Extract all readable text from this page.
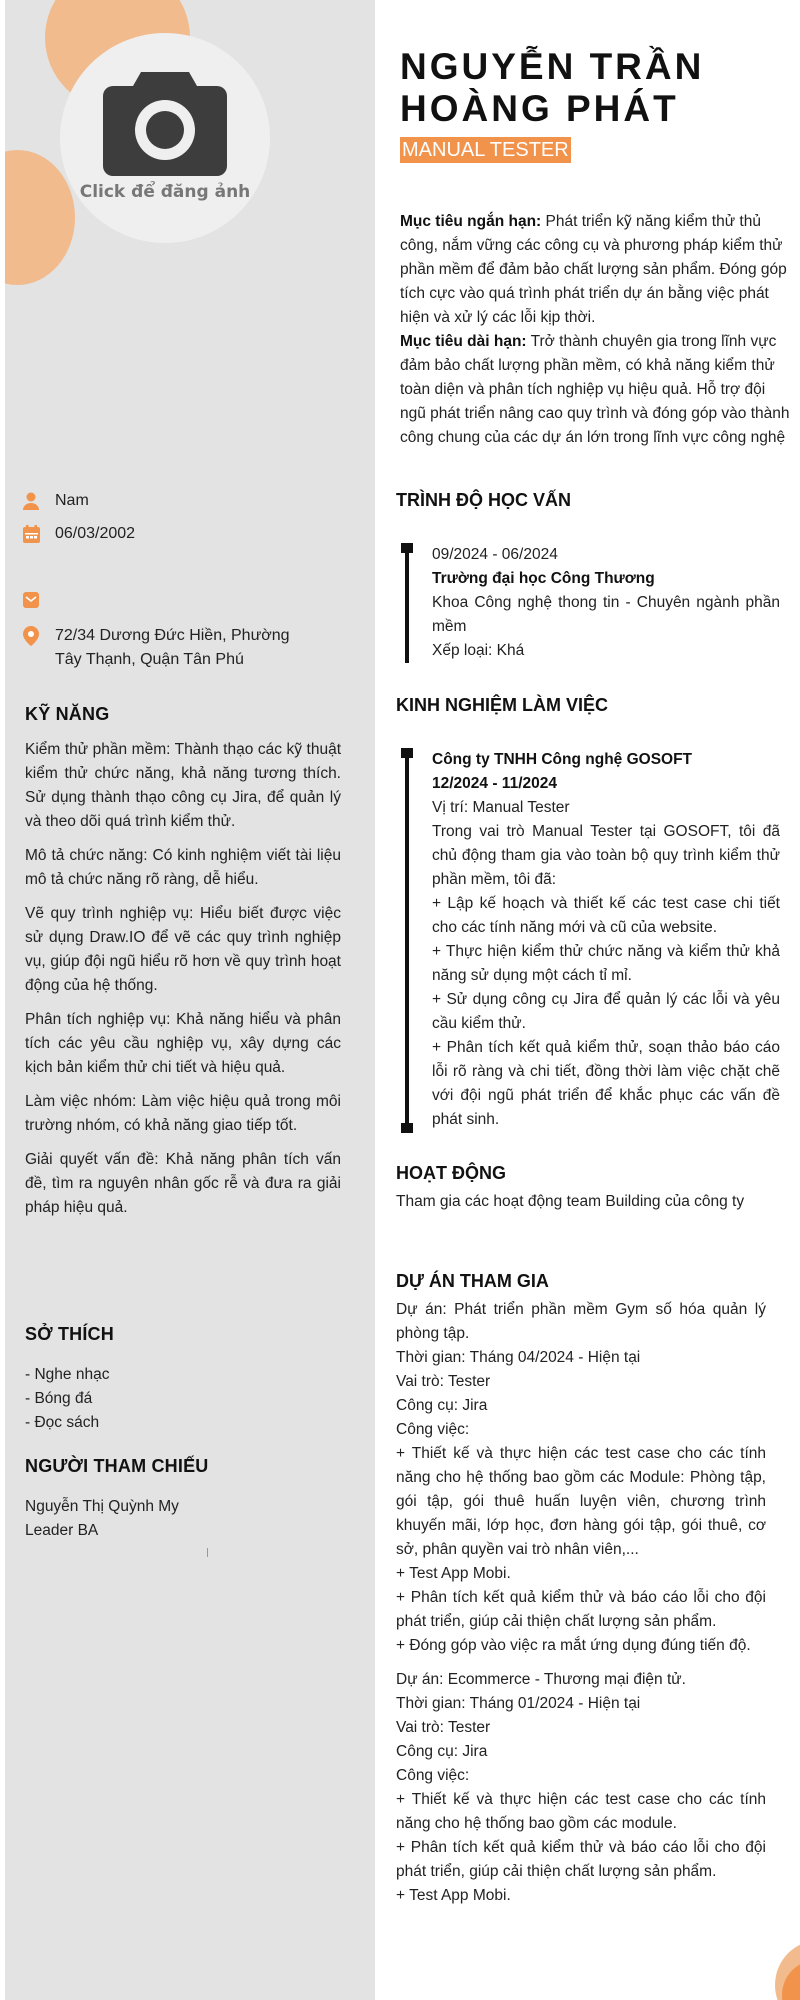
Click để đăng ảnh
Nam
06/03/2002
72/34 Dương Đức Hiền, Phường
Tây Thạnh, Quận Tân Phú
KỸ NĂNG

Kiểm thử phần mềm: Thành thạo các kỹ thuật kiểm thử chức năng, khả năng tương thích. Sử dụng thành thạo công cụ Jira, để quản lý và theo dõi quá trình kiểm thử.

Mô tả chức năng: Có kinh nghiệm viết tài liệu mô tả chức năng rõ ràng, dễ hiểu.

Vẽ quy trình nghiệp vụ: Hiểu biết được việc sử dụng Draw.IO để vẽ các quy trình nghiệp vụ, giúp đội ngũ hiểu rõ hơn về quy trình hoạt động của hệ thống.

Phân tích nghiệp vụ: Khả năng hiểu và phân tích các yêu cầu nghiệp vụ, xây dựng các kịch bản kiểm thử chi tiết và hiệu quả.

Làm việc nhóm: Làm việc hiệu quả trong môi trường nhóm, có khả năng giao tiếp tốt.

Giải quyết vấn đề: Khả năng phân tích vấn đề, tìm ra nguyên nhân gốc rễ và đưa ra giải pháp hiệu quả.

SỞ THÍCH
- Nghe nhạc
- Bóng đá
- Đọc sách
NGƯỜI THAM CHIẾU
Nguyễn Thị Quỳnh My
Leader BA
NGUYỄN TRẦN
HOÀNG PHÁT
MANUAL TESTER
Mục tiêu ngắn hạn: Phát triển kỹ năng kiểm thử thủ công, nắm vững các công cụ và phương pháp kiểm thử phần mềm để đảm bảo chất lượng sản phẩm. Đóng góp tích cực vào quá trình phát triển dự án bằng việc phát hiện và xử lý các lỗi kịp thời.
Mục tiêu dài hạn: Trở thành chuyên gia trong lĩnh vực đảm bảo chất lượng phần mềm, có khả năng kiểm thử toàn diện và phân tích nghiệp vụ hiệu quả. Hỗ trợ đội ngũ phát triển nâng cao quy trình và đóng góp vào thành công chung của các dự án lớn trong lĩnh vực công nghệ
TRÌNH ĐỘ HỌC VẤN
09/2024 - 06/2024
Trường đại học Công Thương
Khoa Công nghệ thong tin - Chuyên ngành phần mềm
Xếp loại: Khá
KINH NGHIỆM LÀM VIỆC
Công ty TNHH Công nghệ GOSOFT
12/2024 - 11/2024
Vị trí: Manual Tester
Trong vai trò Manual Tester tại GOSOFT, tôi đã chủ động tham gia vào toàn bộ quy trình kiểm thử phần mềm, tôi đã:
+ Lập kế hoạch và thiết kế các test case chi tiết cho các tính năng mới và cũ của website.
+ Thực hiện kiểm thử chức năng và kiểm thử khả năng sử dụng một cách tỉ mỉ.
+ Sử dụng công cụ Jira để quản lý các lỗi và yêu cầu kiểm thử.
+ Phân tích kết quả kiểm thử, soạn thảo báo cáo lỗi rõ ràng và chi tiết, đồng thời làm việc chặt chẽ với đội ngũ phát triển để khắc phục các vấn đề phát sinh.
HOẠT ĐỘNG
Tham gia các hoạt động team Building của công ty
DỰ ÁN THAM GIA
Dự án: Phát triển phần mềm Gym số hóa quản lý phòng tập.
Thời gian: Tháng 04/2024 - Hiện tại
Vai trò: Tester
Công cụ: Jira
Công việc:
+ Thiết kế và thực hiện các test case cho các tính năng cho hệ thống bao gồm các Module: Phòng tập, gói tập, gói thuê huấn luyện viên, chương trình khuyến mãi, lớp học, đơn hàng gói tập, gói thuê, cơ sở, phân quyền vai trò nhân viên,...
+ Test App Mobi.
+ Phân tích kết quả kiểm thử và báo cáo lỗi cho đội phát triển, giúp cải thiện chất lượng sản phẩm.
+ Đóng góp vào việc ra mắt ứng dụng đúng tiến độ.
Dự án: Ecommerce - Thương mại điện tử.
Thời gian: Tháng 01/2024 - Hiện tại
Vai trò: Tester
Công cụ: Jira
Công việc:
+ Thiết kế và thực hiện các test case cho các tính năng cho hệ thống bao gồm các module.
+ Phân tích kết quả kiểm thử và báo cáo lỗi cho đội phát triển, giúp cải thiện chất lượng sản phẩm.
+ Test App Mobi.
